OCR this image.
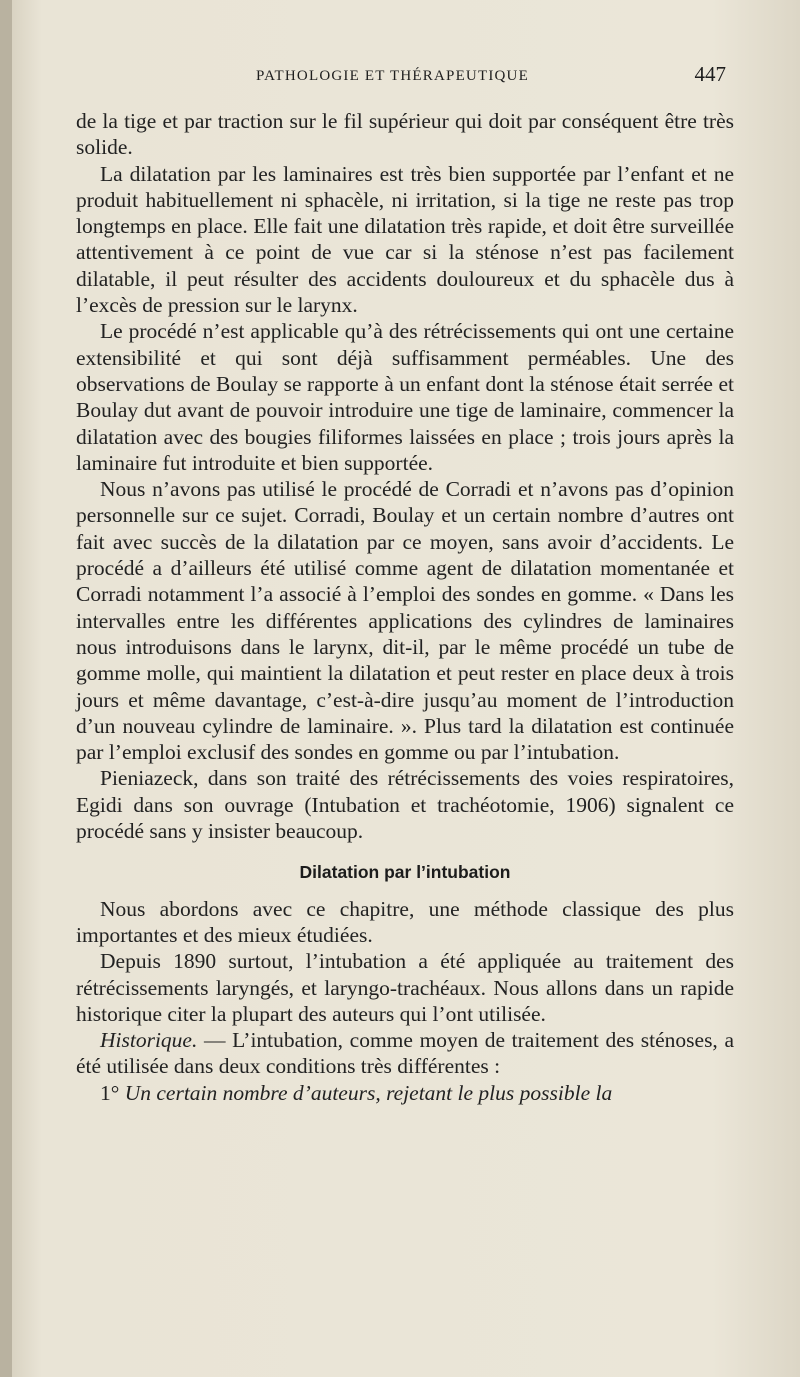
PATHOLOGIE ET THÉRAPEUTIQUE	447

de la tige et par traction sur le fil supérieur qui doit par conséquent être très solide.

La dilatation par les laminaires est très bien supportée par l’enfant et ne produit habituellement ni sphacèle, ni irritation, si la tige ne reste pas trop longtemps en place. Elle fait une dilatation très rapide, et doit être surveillée attentivement à ce point de vue car si la sténose n’est pas facilement dilatable, il peut résulter des accidents douloureux et du sphacèle dus à l’excès de pression sur le larynx.

Le procédé n’est applicable qu’à des rétrécissements qui ont une certaine extensibilité et qui sont déjà suffisamment perméables. Une des observations de Boulay se rapporte à un enfant dont la sténose était serrée et Boulay dut avant de pouvoir introduire une tige de laminaire, commencer la dilatation avec des bougies filiformes laissées en place ; trois jours après la laminaire fut introduite et bien supportée.

Nous n’avons pas utilisé le procédé de Corradi et n’avons pas d’opinion personnelle sur ce sujet. Corradi, Boulay et un certain nombre d’autres ont fait avec succès de la dilatation par ce moyen, sans avoir d’accidents. Le procédé a d’ailleurs été utilisé comme agent de dilatation momentanée et Corradi notamment l’a associé à l’emploi des sondes en gomme. « Dans les intervalles entre les différentes applications des cylindres de laminaires nous introduisons dans le larynx, dit-il, par le même procédé un tube de gomme molle, qui maintient la dilatation et peut rester en place deux à trois jours et même davantage, c’est-à-dire jusqu’au moment de l’introduction d’un nouveau cylindre de laminaire. ». Plus tard la dilatation est continuée par l’emploi exclusif des sondes en gomme ou par l’intubation.

Pieniazeck, dans son traité des rétrécissements des voies respiratoires, Egidi dans son ouvrage (Intubation et trachéotomie, 1906) signalent ce procédé sans y insister beaucoup.

Dilatation par l’intubation

Nous abordons avec ce chapitre, une méthode classique des plus importantes et des mieux étudiées.

Depuis 1890 surtout, l’intubation a été appliquée au traitement des rétrécissements laryngés, et laryngo-trachéaux. Nous allons dans un rapide historique citer la plupart des auteurs qui l’ont utilisée.

Historique. — L’intubation, comme moyen de traitement des sténoses, a été utilisée dans deux conditions très différentes :

1° Un certain nombre d’auteurs, rejetant le plus possible la
